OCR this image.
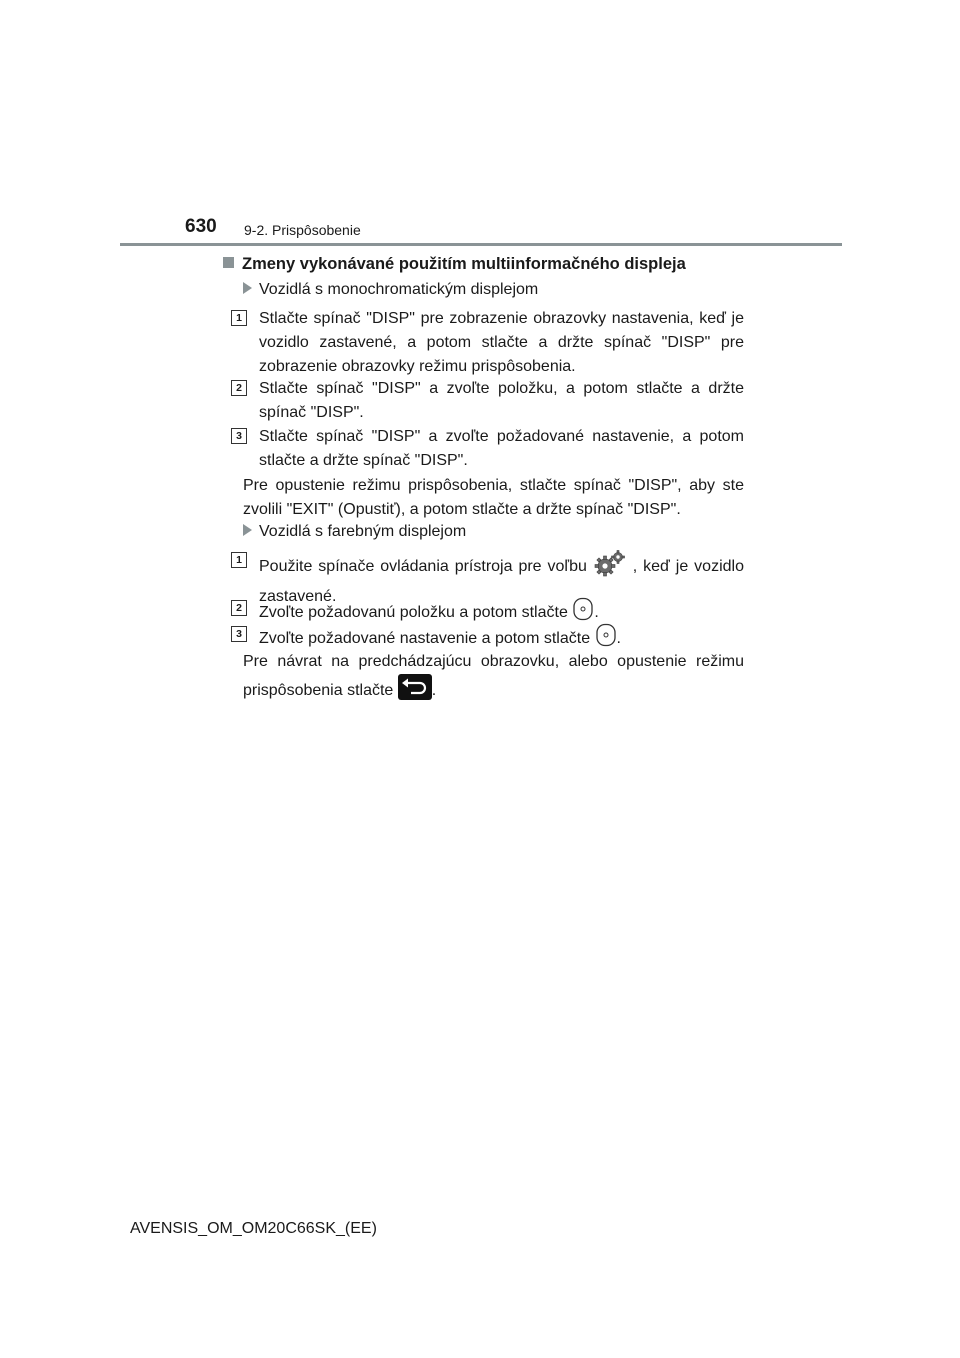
630 9-2. Prispôsobenie
Zmeny vykonávané použitím multiinformačného displeja
Vozidlá s monochromatickým displejom
1	Stlačte spínač "DISP" pre zobrazenie obrazovky nastavenia, keď je vozidlo zastavené, a potom stlačte a držte spínač "DISP" pre zobrazenie obrazovky režimu prispôsobenia.
2	Stlačte spínač "DISP" a zvoľte položku, a potom stlačte a držte spínač "DISP".
3	Stlačte spínač "DISP" a zvoľte požadované nastavenie, a potom stlačte a držte spínač "DISP".
Pre opustenie režimu prispôsobenia, stlačte spínač "DISP", aby ste zvolili "EXIT" (Opustiť), a potom stlačte a držte spínač "DISP".
Vozidlá s farebným displejom
1	Použite spínače ovládania prístroja pre voľbu	, keď je vozidlo zastavené.
2	Zvoľte požadovanú položku a potom stlačte .
3	Zvoľte požadované nastavenie a potom stlačte .
Pre návrat na predchádzajúcu obrazovku, alebo opustenie režimu prispôsobenia stlačte .
AVENSIS_OM_OM20C66SK_(EE)
